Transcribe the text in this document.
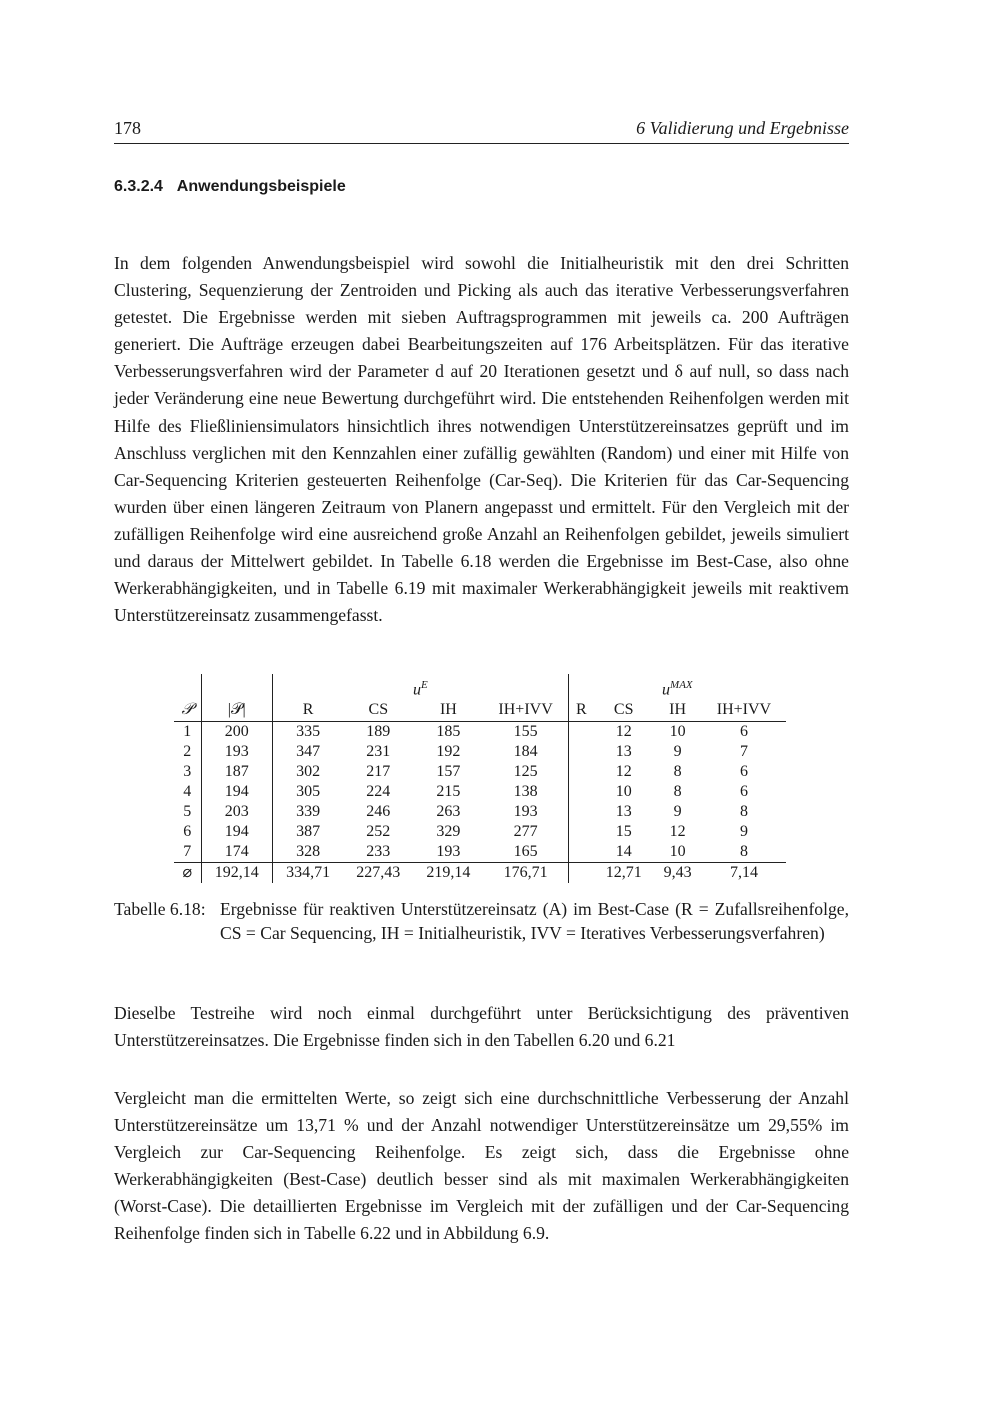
178	6 Validierung und Ergebnisse
6.3.2.4 Anwendungsbeispiele

In dem folgenden Anwendungsbeispiel wird sowohl die Initialheuristik mit den drei Schritten Clustering, Sequenzierung der Zentroiden und Picking als auch das iterative Verbesserungsverfahren getestet. Die Ergebnisse werden mit sieben Auftragsprogrammen mit jeweils ca. 200 Aufträgen generiert. Die Aufträge erzeugen dabei Bearbeitungszeiten auf 176 Arbeitsplätzen. Für das iterative Verbesserungsverfahren wird der Parameter d auf 20 Iterationen gesetzt und δ auf null, so dass nach jeder Veränderung eine neue Bewertung durchgeführt wird. Die entstehenden Reihenfolgen werden mit Hilfe des Fließliniensimulators hinsichtlich ihres notwendigen Unterstützereinsatzes geprüft und im Anschluss verglichen mit den Kennzahlen einer zufällig gewählten (Random) und einer mit Hilfe von Car-Sequencing Kriterien gesteuerten Reihenfolge (Car-Seq). Die Kriterien für das Car-Sequencing wurden über einen längeren Zeitraum von Planern angepasst und ermittelt. Für den Vergleich mit der zufälligen Reihenfolge wird eine ausreichend große Anzahl an Reihenfolgen gebildet, jeweils simuliert und daraus der Mittelwert gebildet. In Tabelle 6.18 werden die Ergebnisse im Best-Case, also ohne Werkerabhängigkeiten, und in Tabelle 6.19 mit maximaler Werkerabhängigkeit jeweils mit reaktivem Unterstützereinsatz zusammengefasst.

		$u^E$				$u^{MAX}$
𝒫	|𝒫|	R	CS	IH	IH+IVV	R	CS	IH	IH+IVV
1	200	335	189	185	155		12	10	6
2	193	347	231	192	184		13	9	7
3	187	302	217	157	125		12	8	6
4	194	305	224	215	138		10	8	6
5	203	339	246	263	193		13	9	8
6	194	387	252	329	277		15	12	9
7	174	328	233	193	165		14	10	8
⌀	192,14	334,71	227,43	219,14	176,71		12,71	9,43	7,14
Tabelle 6.18: Ergebnisse für reaktiven Unterstützereinsatz (A) im Best-Case (R = Zufallsreihenfolge, CS = Car Sequencing, IH = Initialheuristik, IVV = Iteratives Verbesserungsverfahren)

Dieselbe Testreihe wird noch einmal durchgeführt unter Berücksichtigung des präventiven Unterstützereinsatzes. Die Ergebnisse finden sich in den Tabellen 6.20 und 6.21

Vergleicht man die ermittelten Werte, so zeigt sich eine durchschnittliche Verbesserung der Anzahl Unterstützereinsätze um 13,71 % und der Anzahl notwendiger Unterstützereinsätze um 29,55% im Vergleich zur Car-Sequencing Reihenfolge. Es zeigt sich, dass die Ergebnisse ohne Werkerabhängigkeiten (Best-Case) deutlich besser sind als mit maximalen Werkerabhängigkeiten (Worst-Case). Die detaillierten Ergebnisse im Vergleich mit der zufälligen und der Car-Sequencing Reihenfolge finden sich in Tabelle 6.22 und in Abbildung 6.9.
